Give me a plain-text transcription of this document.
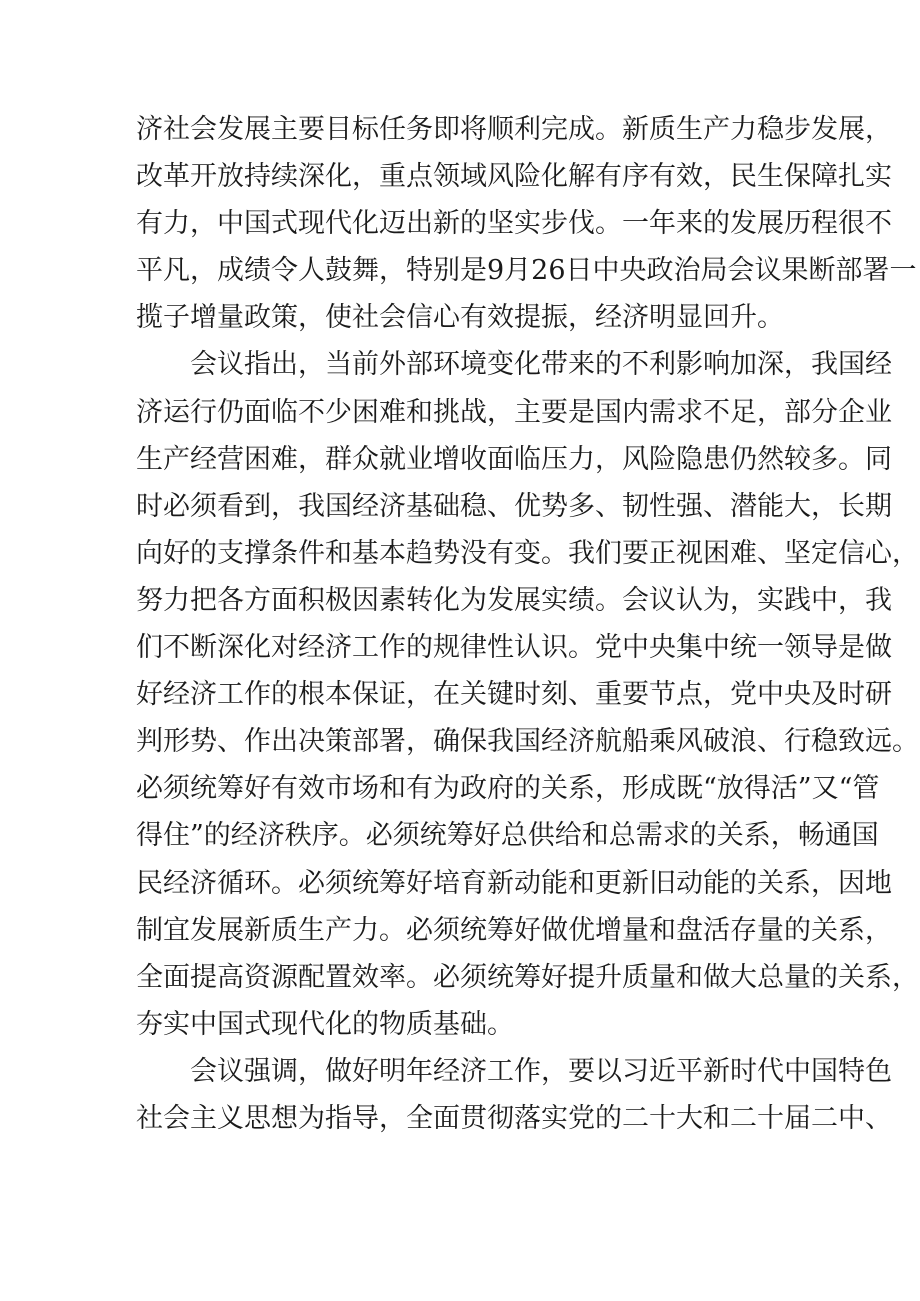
济社会发展主要目标任务即将顺利完成。新质生产力稳步发展，
改革开放持续深化，重点领域风险化解有序有效，民生保障扎实
有力，中国式现代化迈出新的坚实步伐。一年来的发展历程很不
平凡，成绩令人鼓舞，特别是9月26日中央政治局会议果断部署一
揽子增量政策，使社会信心有效提振，经济明显回升。
会议指出，当前外部环境变化带来的不利影响加深，我国经
济运行仍面临不少困难和挑战，主要是国内需求不足，部分企业
生产经营困难，群众就业增收面临压力，风险隐患仍然较多。同
时必须看到，我国经济基础稳、优势多、韧性强、潜能大，长期
向好的支撑条件和基本趋势没有变。我们要正视困难、坚定信心，
努力把各方面积极因素转化为发展实绩。会议认为，实践中，我
们不断深化对经济工作的规律性认识。党中央集中统一领导是做
好经济工作的根本保证，在关键时刻、重要节点，党中央及时研
判形势、作出决策部署，确保我国经济航船乘风破浪、行稳致远。
必须统筹好有效市场和有为政府的关系，形成既“放得活”又“管
得住”的经济秩序。必须统筹好总供给和总需求的关系，畅通国
民经济循环。必须统筹好培育新动能和更新旧动能的关系，因地
制宜发展新质生产力。必须统筹好做优增量和盘活存量的关系，
全面提高资源配置效率。必须统筹好提升质量和做大总量的关系，
夯实中国式现代化的物质基础。
会议强调，做好明年经济工作，要以习近平新时代中国特色
社会主义思想为指导，全面贯彻落实党的二十大和二十届二中、
